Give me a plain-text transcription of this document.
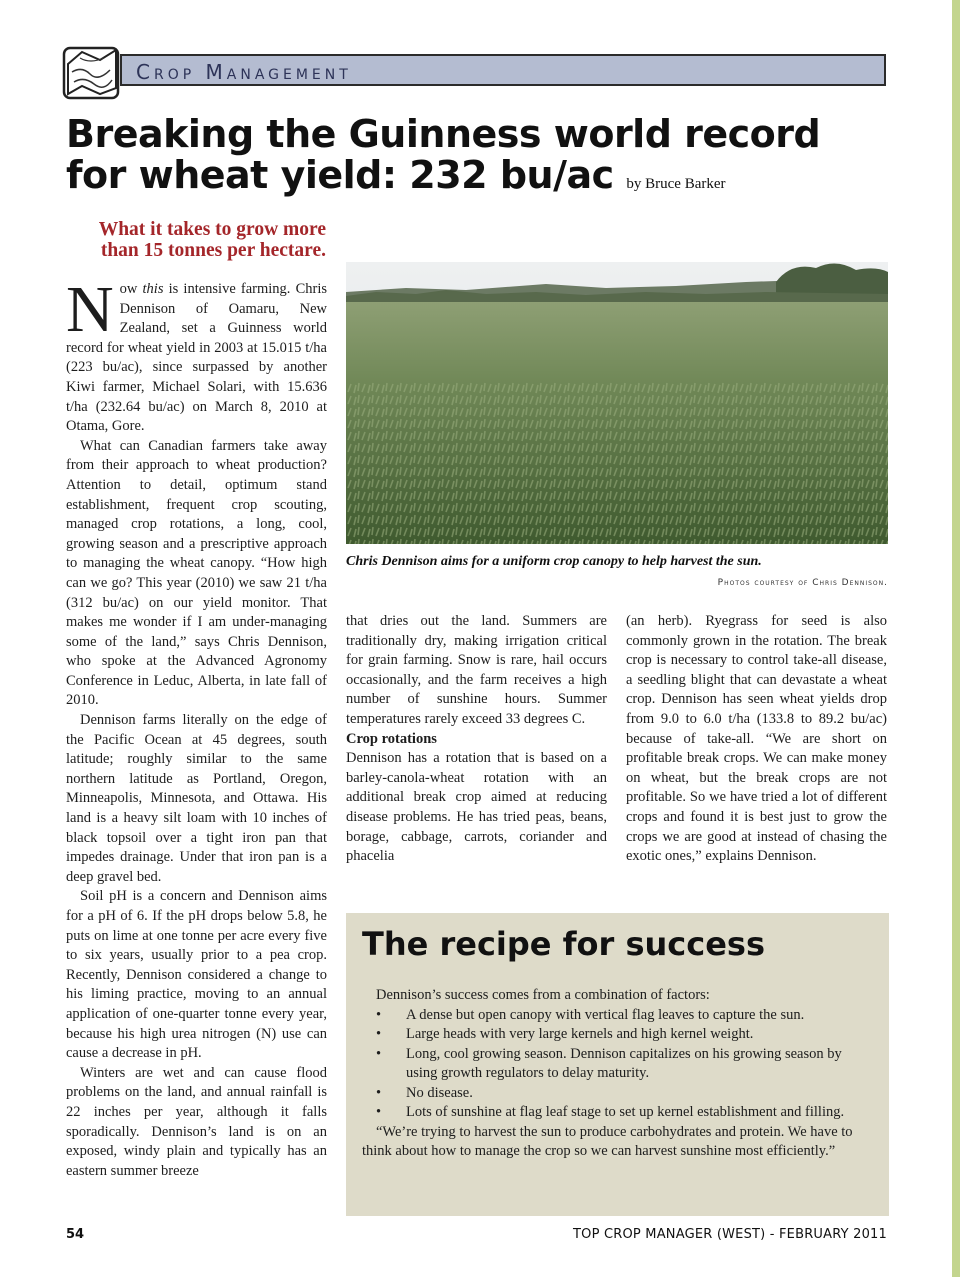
Crop Management
Breaking the Guinness world record
for wheat yield: 232 bu/ac by Bruce Barker
What it takes to grow more than 15 tonnes per hectare.

Now this is intensive farming. Chris Dennison of Oamaru, New Zealand, set a Guinness world record for wheat yield in 2003 at 15.015 t/ha (223 bu/ac), since surpassed by another Kiwi farmer, Michael Solari, with 15.636 t/ha (232.64 bu/ac) on March 8, 2010 at Otama, Gore.

What can Canadian farmers take away from their approach to wheat production? Attention to detail, optimum stand establishment, frequent crop scouting, managed crop rotations, a long, cool, growing season and a prescriptive approach to managing the wheat canopy. “How high can we go? This year (2010) we saw 21 t/ha (312 bu/ac) on our yield monitor. That makes me wonder if I am under-managing some of the land,” says Chris Dennison, who spoke at the Advanced Agronomy Conference in Leduc, Alberta, in late fall of 2010.

Dennison farms literally on the edge of the Pacific Ocean at 45 degrees, south latitude; roughly similar to the same northern latitude as Portland, Oregon, Minneapolis, Minnesota, and Ottawa. His land is a heavy silt loam with 10 inches of black topsoil over a tight iron pan that impedes drainage. Under that iron pan is a deep gravel bed.

Soil pH is a concern and Dennison aims for a pH of 6. If the pH drops below 5.8, he puts on lime at one tonne per acre every five to six years, usually prior to a pea crop. Recently, Dennison considered a change to his liming practice, moving to an annual application of one-quarter tonne every year, because his high urea nitrogen (N) use can cause a decrease in pH.

Winters are wet and can cause flood problems on the land, and annual rainfall is 22 inches per year, although it falls sporadically. Dennison’s land is on an exposed, windy plain and typically has an eastern summer breeze

Chris Dennison aims for a uniform crop canopy to help harvest the sun.
Photos courtesy of Chris Dennison.

that dries out the land. Summers are traditionally dry, making irrigation critical for grain farming. Snow is rare, hail occurs occasionally, and the farm receives a high number of sunshine hours. Summer temperatures rarely exceed 33 degrees C.

Crop rotations

Dennison has a rotation that is based on a barley-canola-wheat rotation with an additional break crop aimed at reducing disease problems. He has tried peas, beans, borage, cabbage, carrots, coriander and phacelia

(an herb). Ryegrass for seed is also commonly grown in the rotation. The break crop is necessary to control take-all disease, a seedling blight that can devastate a wheat crop. Dennison has seen wheat yields drop from 9.0 to 6.0 t/ha (133.8 to 89.2 bu/ac) because of take-all. “We are short on profitable break crops. We can make money on wheat, but the break crops are not profitable. So we have tried a lot of different crops and found it is best just to grow the crops we are good at instead of chasing the exotic ones,” explains Dennison.

The recipe for success
Dennison’s success comes from a combination of factors:
• A dense but open canopy with vertical flag leaves to capture the sun.
• Large heads with very large kernels and high kernel weight.
• Long, cool growing season. Dennison capitalizes on his growing season by using growth regulators to delay maturity.
• No disease.
• Lots of sunshine at flag leaf stage to set up kernel establishment and filling.
“We’re trying to harvest the sun to produce carbohydrates and protein. We have to think about how to manage the crop so we can harvest sunshine most efficiently.”
54	TOP CROP MANAGER (WEST) - FEBRUARY 2011
